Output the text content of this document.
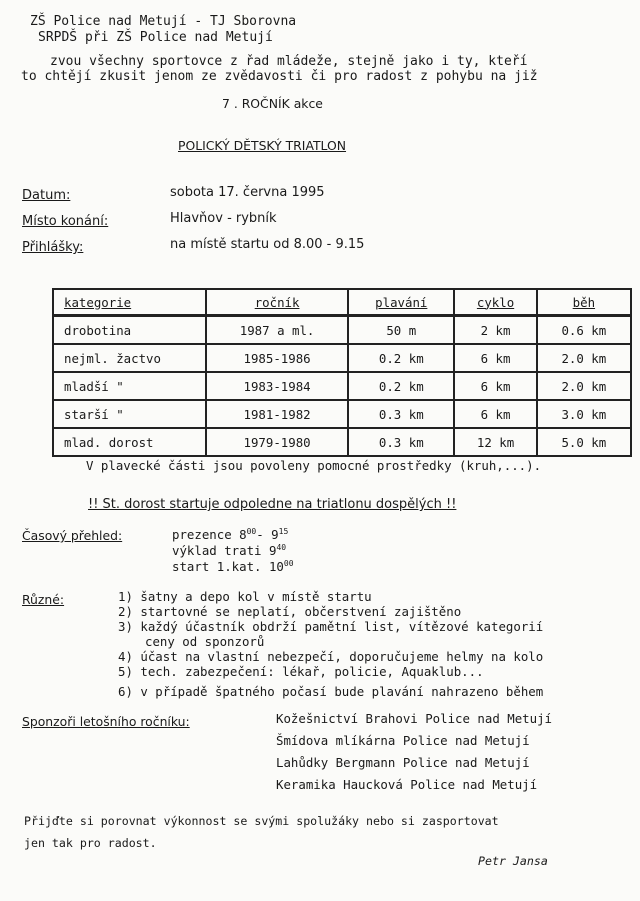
ZŠ Police nad Metují - TJ Sborovna
SRPDŠ při ZŠ Police nad Metují
zvou všechny sportovce z řad mládeže, stejně jako i ty, kteří
to chtějí zkusit jenom ze zvědavosti či pro radost z pohybu na již
7 . ROČNÍK akce
POLICKÝ DĚTSKÝ TRIATLON
Datum:	sobota 17. června 1995
Místo konání:	Hlavňov - rybník
Přihlášky:	na místě startu od 8.00 - 9.15
kategorie	ročník	plavání	cyklo	běh
drobotina	1987 a ml.	50 m	2 km	0.6 km
nejml. žactvo	1985-1986	0.2 km	6 km	2.0 km
mladší "	1983-1984	0.2 km	6 km	2.0 km
starší "	1981-1982	0.3 km	6 km	3.0 km
mlad. dorost	1979-1980	0.3 km	12 km	5.0 km
V plavecké části jsou povoleny pomocné prostředky (kruh,...).
!! St. dorost startuje odpoledne na triatlonu dospělých !!
Časový přehled:	prezence $8^{00}-$ $9^{15}$
výklad trati $9^{40}$
start 1.kat. $10^{00}$
Různé:	1) šatny a depo kol v místě startu
2) startovné se neplatí, občerstvení zajištěno
3) každý účastník obdrží pamětní list, vítězové kategorií
ceny od sponzorů
4) účast na vlastní nebezpečí, doporučujeme helmy na kolo
5) tech. zabezpečení: lékař, policie, Aquaklub...
6) v případě špatného počasí bude plavání nahrazeno během
Sponzoři letošního ročníku:	Kožešnictví Brahovi Police nad Metují
Šmídova mlíkárna Police nad Metují
Lahůdky Bergmann Police nad Metují
Keramika Haucková Police nad Metují
Přijďte si porovnat výkonnost se svými spolužáky nebo si zasportovat
jen tak pro radost.
Petr Jansa
